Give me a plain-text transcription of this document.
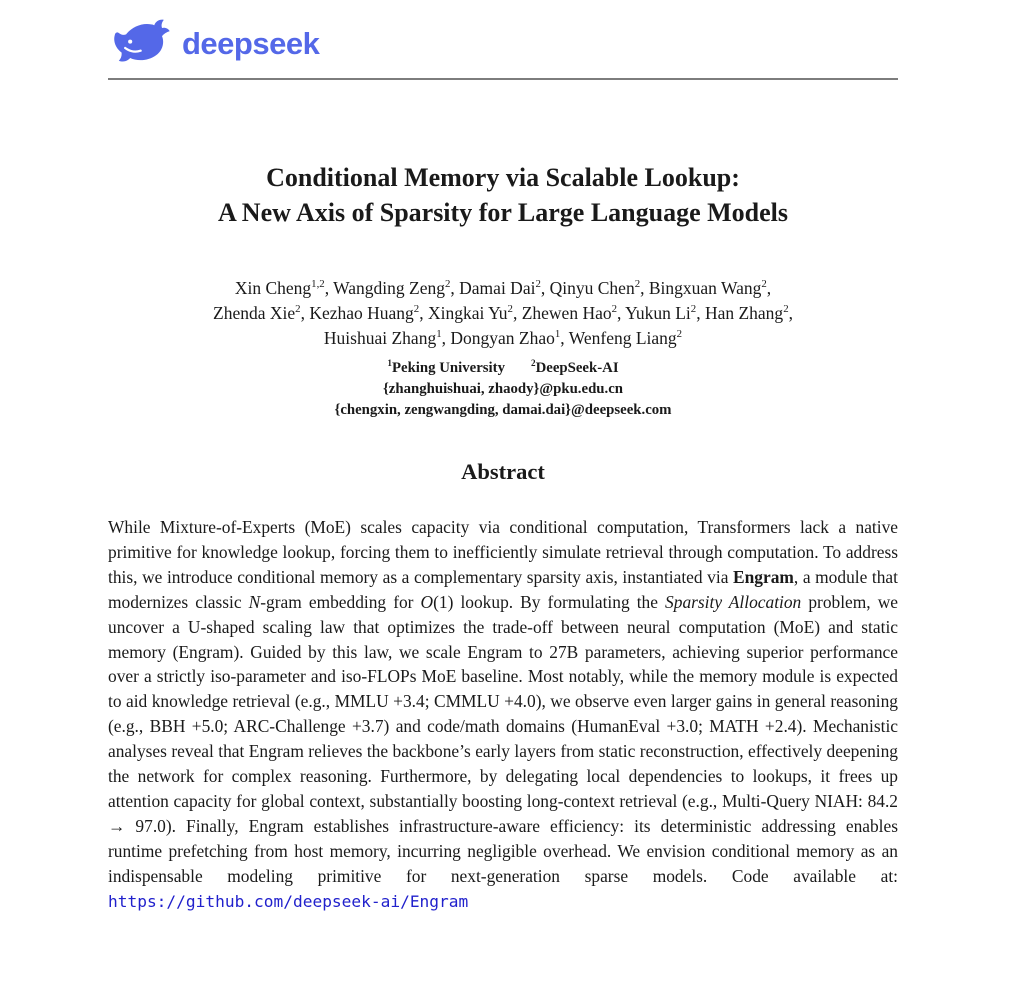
deepseek
Conditional Memory via Scalable Lookup:
A New Axis of Sparsity for Large Language Models
Xin Cheng$^{1,2}$, Wangding Zeng$^2$, Damai Dai$^2$, Qinyu Chen$^2$, Bingxuan Wang$^2$,
Zhenda Xie$^2$, Kezhao Huang$^2$, Xingkai Yu$^2$, Zhewen Hao$^2$, Yukun Li$^2$, Han Zhang$^2$,
Huishuai Zhang$^1$, Dongyan Zhao$^1$, Wenfeng Liang$^2$
$^1$Peking University	$^2$DeepSeek-AI
{zhanghuishuai, zhaody}@pku.edu.cn
{chengxin, zengwangding, damai.dai}@deepseek.com
Abstract
While Mixture-of-Experts (MoE) scales capacity via conditional computation, Transformers lack a native primitive for knowledge lookup, forcing them to inefficiently simulate retrieval through computation. To address this, we introduce conditional memory as a complementary sparsity axis, instantiated via Engram, a module that modernizes classic N-gram embedding for O(1) lookup. By formulating the Sparsity Allocation problem, we uncover a U-shaped scaling law that optimizes the trade-off between neural computation (MoE) and static memory (Engram). Guided by this law, we scale Engram to 27B parameters, achieving superior performance over a strictly iso-parameter and iso-FLOPs MoE baseline. Most notably, while the memory module is expected to aid knowledge retrieval (e.g., MMLU +3.4; CMMLU +4.0), we observe even larger gains in general reasoning (e.g., BBH +5.0; ARC-Challenge +3.7) and code/math domains (HumanEval +3.0; MATH +2.4). Mechanistic analyses reveal that Engram relieves the backbone’s early layers from static reconstruction, effectively deepening the network for complex reasoning. Furthermore, by delegating local dependencies to lookups, it frees up attention capacity for global context, substantially boosting long-context retrieval (e.g., Multi-Query NIAH: 84.2 → 97.0). Finally, Engram establishes infrastructure-aware efficiency: its deterministic addressing enables runtime prefetching from host memory, incurring negligible overhead. We envision conditional memory as an indispensable modeling primitive for next-generation sparse models. Code available at: https://github.com/deepseek-ai/Engram
